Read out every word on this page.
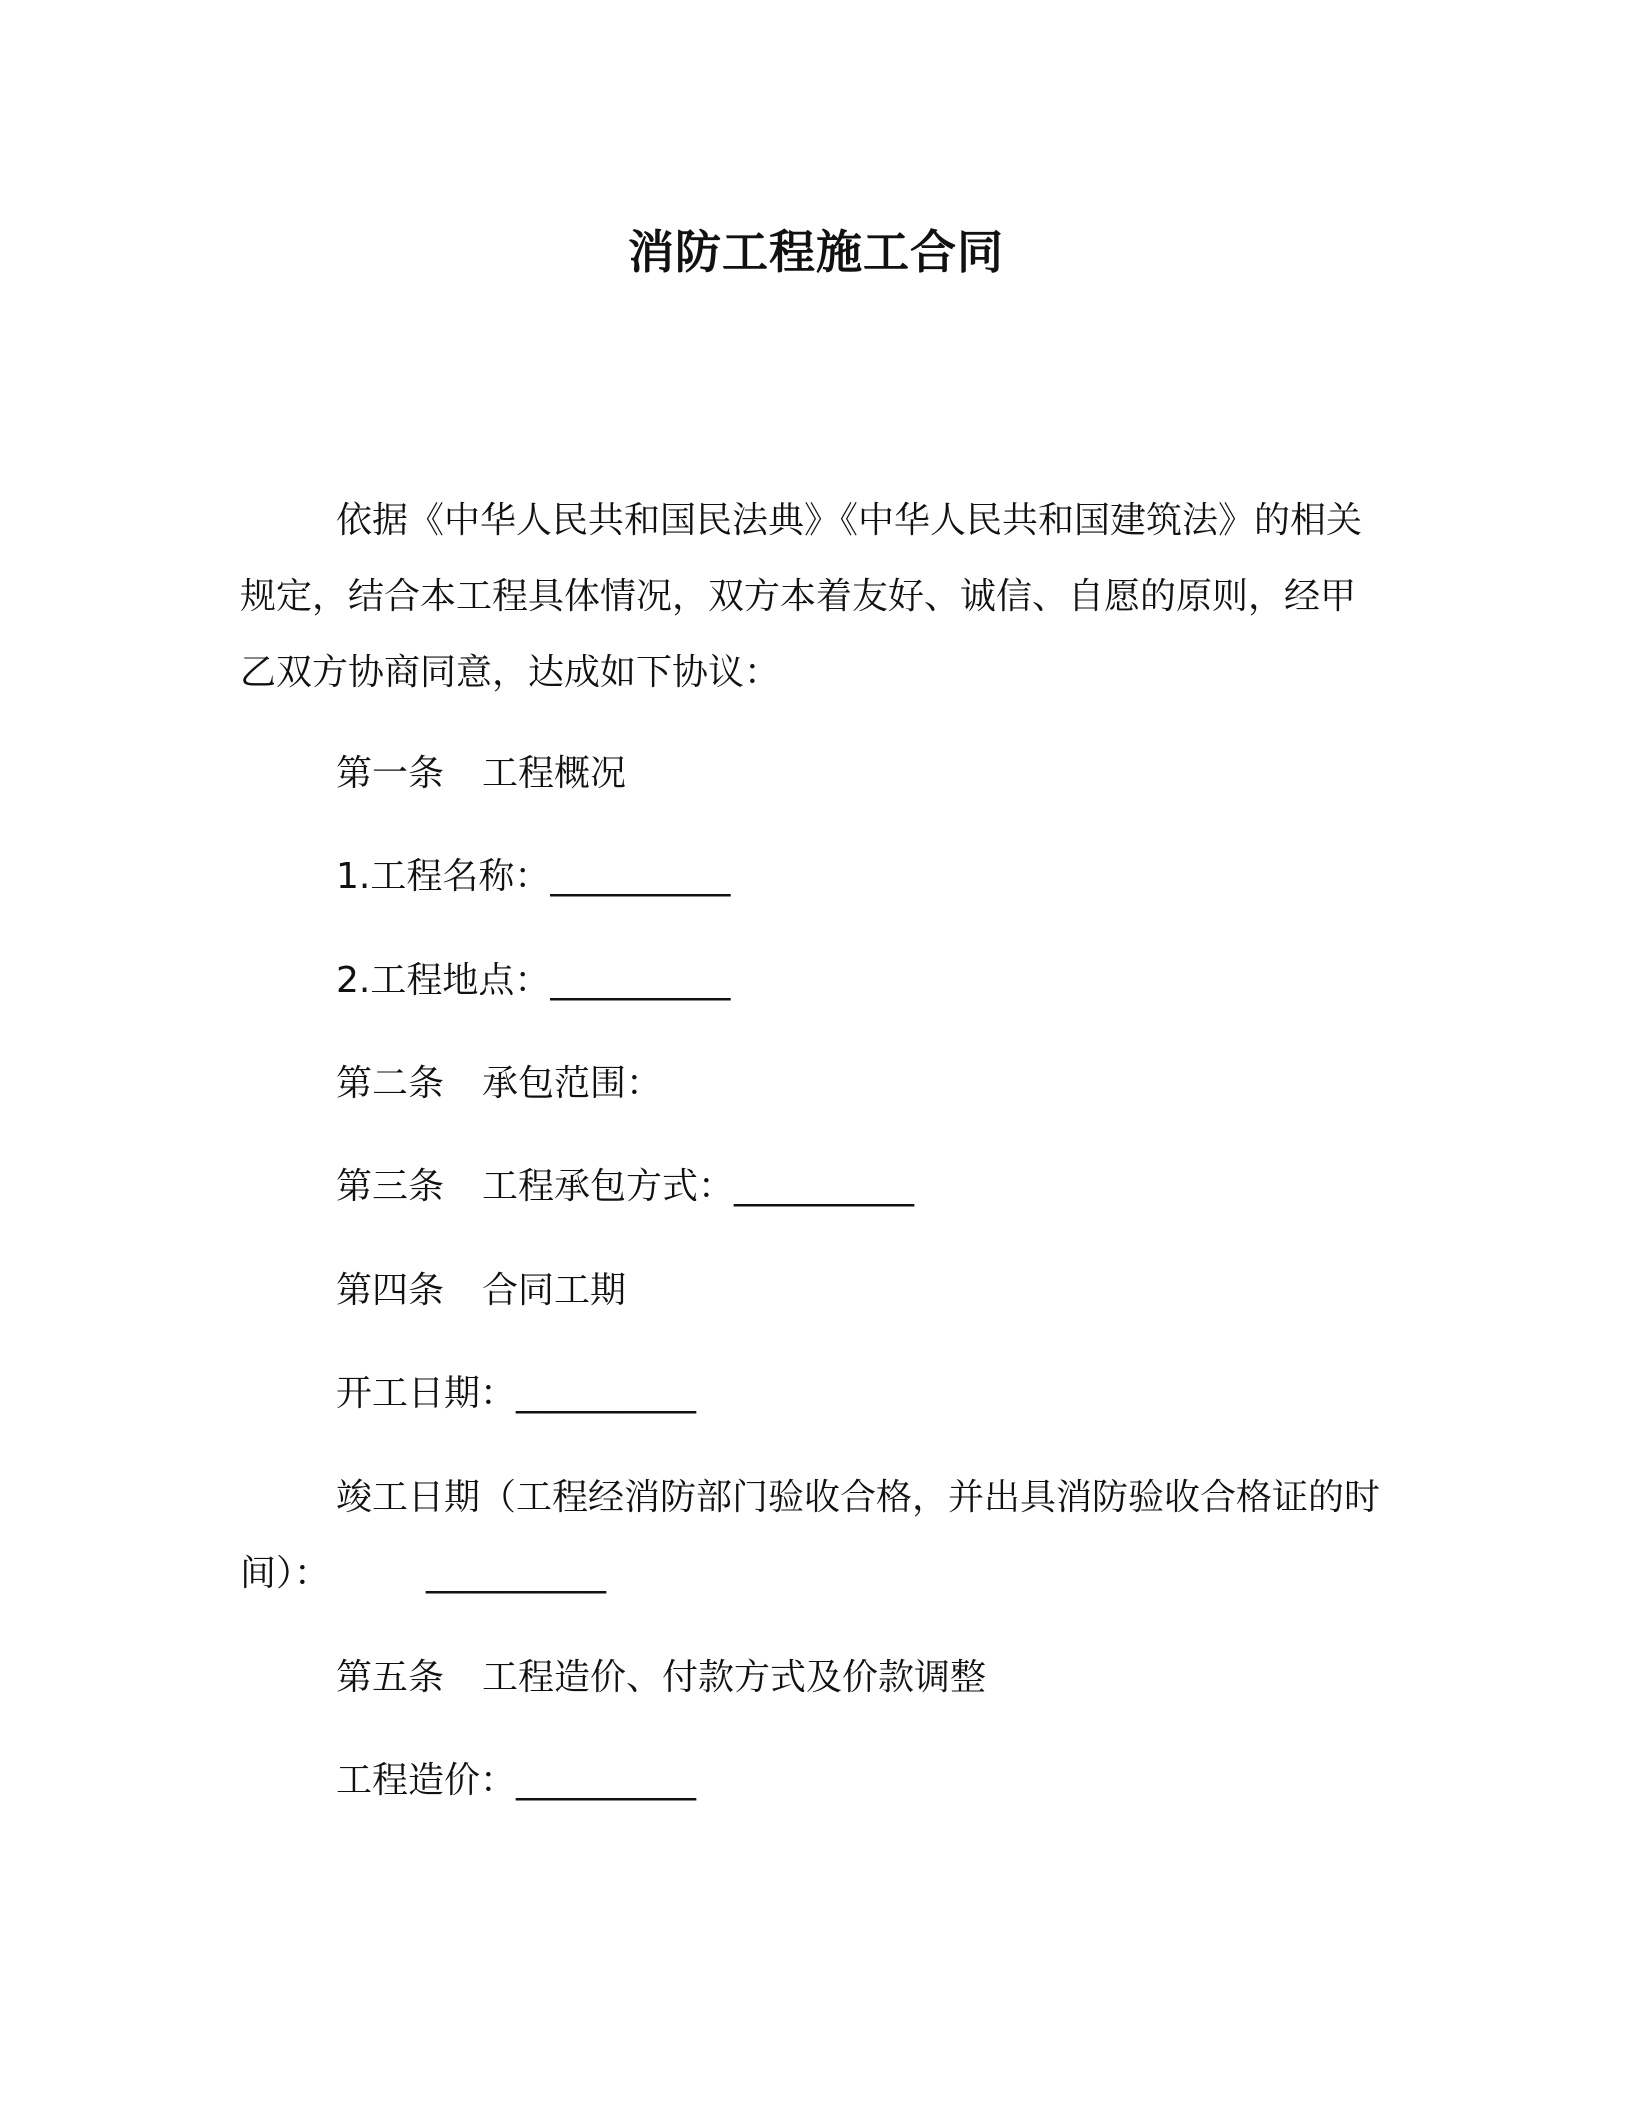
消防工程施工合同

依据《中华人民共和国民法典》《中华人民共和国建筑法》的相关规定，结合本工程具体情况，双方本着友好、诚信、自愿的原则，经甲乙双方协商同意，达成如下协议：

第一条 工程概况
1.工程名称：__________
2.工程地点：__________
第二条 承包范围：
第三条 工程承包方式：__________
第四条 合同工期
开工日期：__________
竣工日期（工程经消防部门验收合格，并出具消防验收合格证的时间）：	__________
第五条 工程造价、付款方式及价款调整
工程造价：__________
